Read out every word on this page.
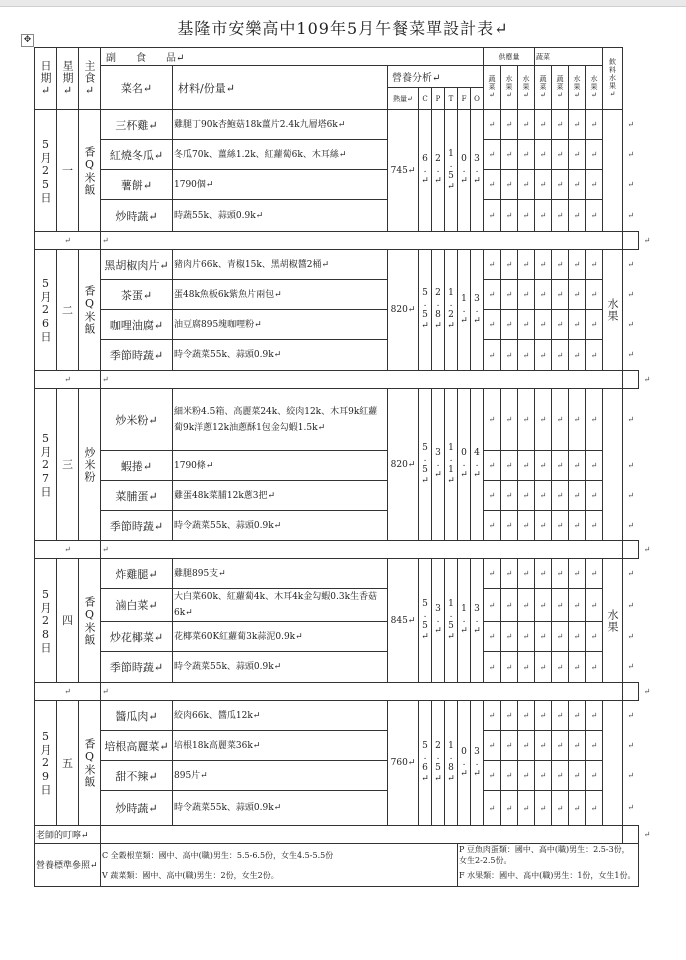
基隆市安樂高中109年5月午餐菜單設計表↵
✥
日期↵	星期↵	主食↵	副　　食　　品↵								供應量			蔬菜				飲料水果↵		

			菜名↵	材料/份量↵	營養分析↵						蔬菜↵	水果↵	水果↵	蔬菜↵	蔬菜↵	水果↵	水果↵			

					熱量↵	C	P	T	F	O										

5月25日	一	香Q米飯	三杯雞↵	雞腿丁90k杏鮑菇18k薑片2.4k九層塔6k↵	745↵	6.↵	2.↵	1.5↵	0.↵	3.↵	↵	↵	↵	↵	↵	↵	↵		↵	
			紅燒冬瓜↵	冬瓜70k、薑絲1.2k、紅蘿蔔6k、木耳絲↵							↵	↵	↵	↵	↵	↵	↵		↵	
			薯餅↵	1790個↵							↵	↵	↵	↵	↵	↵	↵		↵	
			炒時蔬↵	時蔬55k、蒜頭0.9k↵							↵	↵	↵	↵	↵	↵	↵		↵	
↵			↵																	↵

5月26日	二	香Q米飯	黑胡椒肉片↵	豬肉片66k、青椒15k、黑胡椒醬2桶↵	820↵	5.5↵	2.8↵	1.2↵	1.↵	3.↵	↵	↵	↵	↵	↵	↵	↵	水果	↵	
			茶蛋↵	蛋48k魚板6k紫魚片兩包↵							↵	↵	↵	↵	↵	↵	↵		↵	
			咖哩油腐↵	油豆腐895塊咖哩粉↵							↵	↵	↵	↵	↵	↵	↵		↵	
			季節時蔬↵	時令蔬菜55k、蒜頭0.9k↵							↵	↵	↵	↵	↵	↵	↵		↵	
↵			↵																	↵

5月27日	三	炒米粉	炒米粉↵	細米粉4.5箱、高麗菜24k、絞肉12k、木耳9k紅蘿蔔9k洋蔥12k油蔥酥1包金勾蝦1.5k↵	820↵	5.5↵	3.↵	1.1↵	0.↵	4.↵	↵	↵	↵	↵	↵	↵	↵		↵	
			蝦捲↵	1790條↵							↵	↵	↵	↵	↵	↵	↵		↵	
			菜脯蛋↵	雞蛋48k菜脯12k蔥3把↵							↵	↵	↵	↵	↵	↵	↵		↵	
			季節時蔬↵	時令蔬菜55k、蒜頭0.9k↵							↵	↵	↵	↵	↵	↵	↵		↵	
↵			↵																	↵

5月28日	四	香Q米飯	炸雞腿↵	雞腿895支↵	845↵	5.5↵	3.↵	1.5↵	1.↵	3.↵	↵	↵	↵	↵	↵	↵	↵	水果	↵	
			滷白菜↵	大白菜60k、紅蘿蔔4k、木耳4k金勾蝦0.3k生香菇6k↵							↵	↵	↵	↵	↵	↵	↵		↵	
			炒花椰菜↵	花椰菜60K紅蘿蔔3k蒜泥0.9k↵							↵	↵	↵	↵	↵	↵	↵		↵	
			季節時蔬↵	時令蔬菜55k、蒜頭0.9k↵							↵	↵	↵	↵	↵	↵	↵		↵	
↵			↵																	↵

5月29日	五	香Q米飯	醬瓜肉↵	絞肉66k、醬瓜12k↵	760↵	5.6↵	2.5↵	1.8↵	0.↵	3.↵	↵	↵	↵	↵	↵	↵	↵		↵	
			培根高麗菜↵	培根18k高麗菜36k↵							↵	↵	↵	↵	↵	↵	↵		↵	
			甜不辣↵	895片↵							↵	↵	↵	↵	↵	↵	↵		↵	
			炒時蔬↵	時令蔬菜55k、蒜頭0.9k↵							↵	↵	↵	↵	↵	↵	↵		↵	
老師的叮嚀↵																				↵
營養標準參照↵			C 全穀根莖類：國中、高中(職)男生：5.5-6.5份，女生4.5-5.5份						P 豆魚肉蛋類：國中、高中(職)男生：2.5-3份，女生2-2.5份。											
			V 蔬菜類：國中、高中(職)男生：2份，女生2份。						F 水果類：國中、高中(職)男生：1份，女生1份。											
